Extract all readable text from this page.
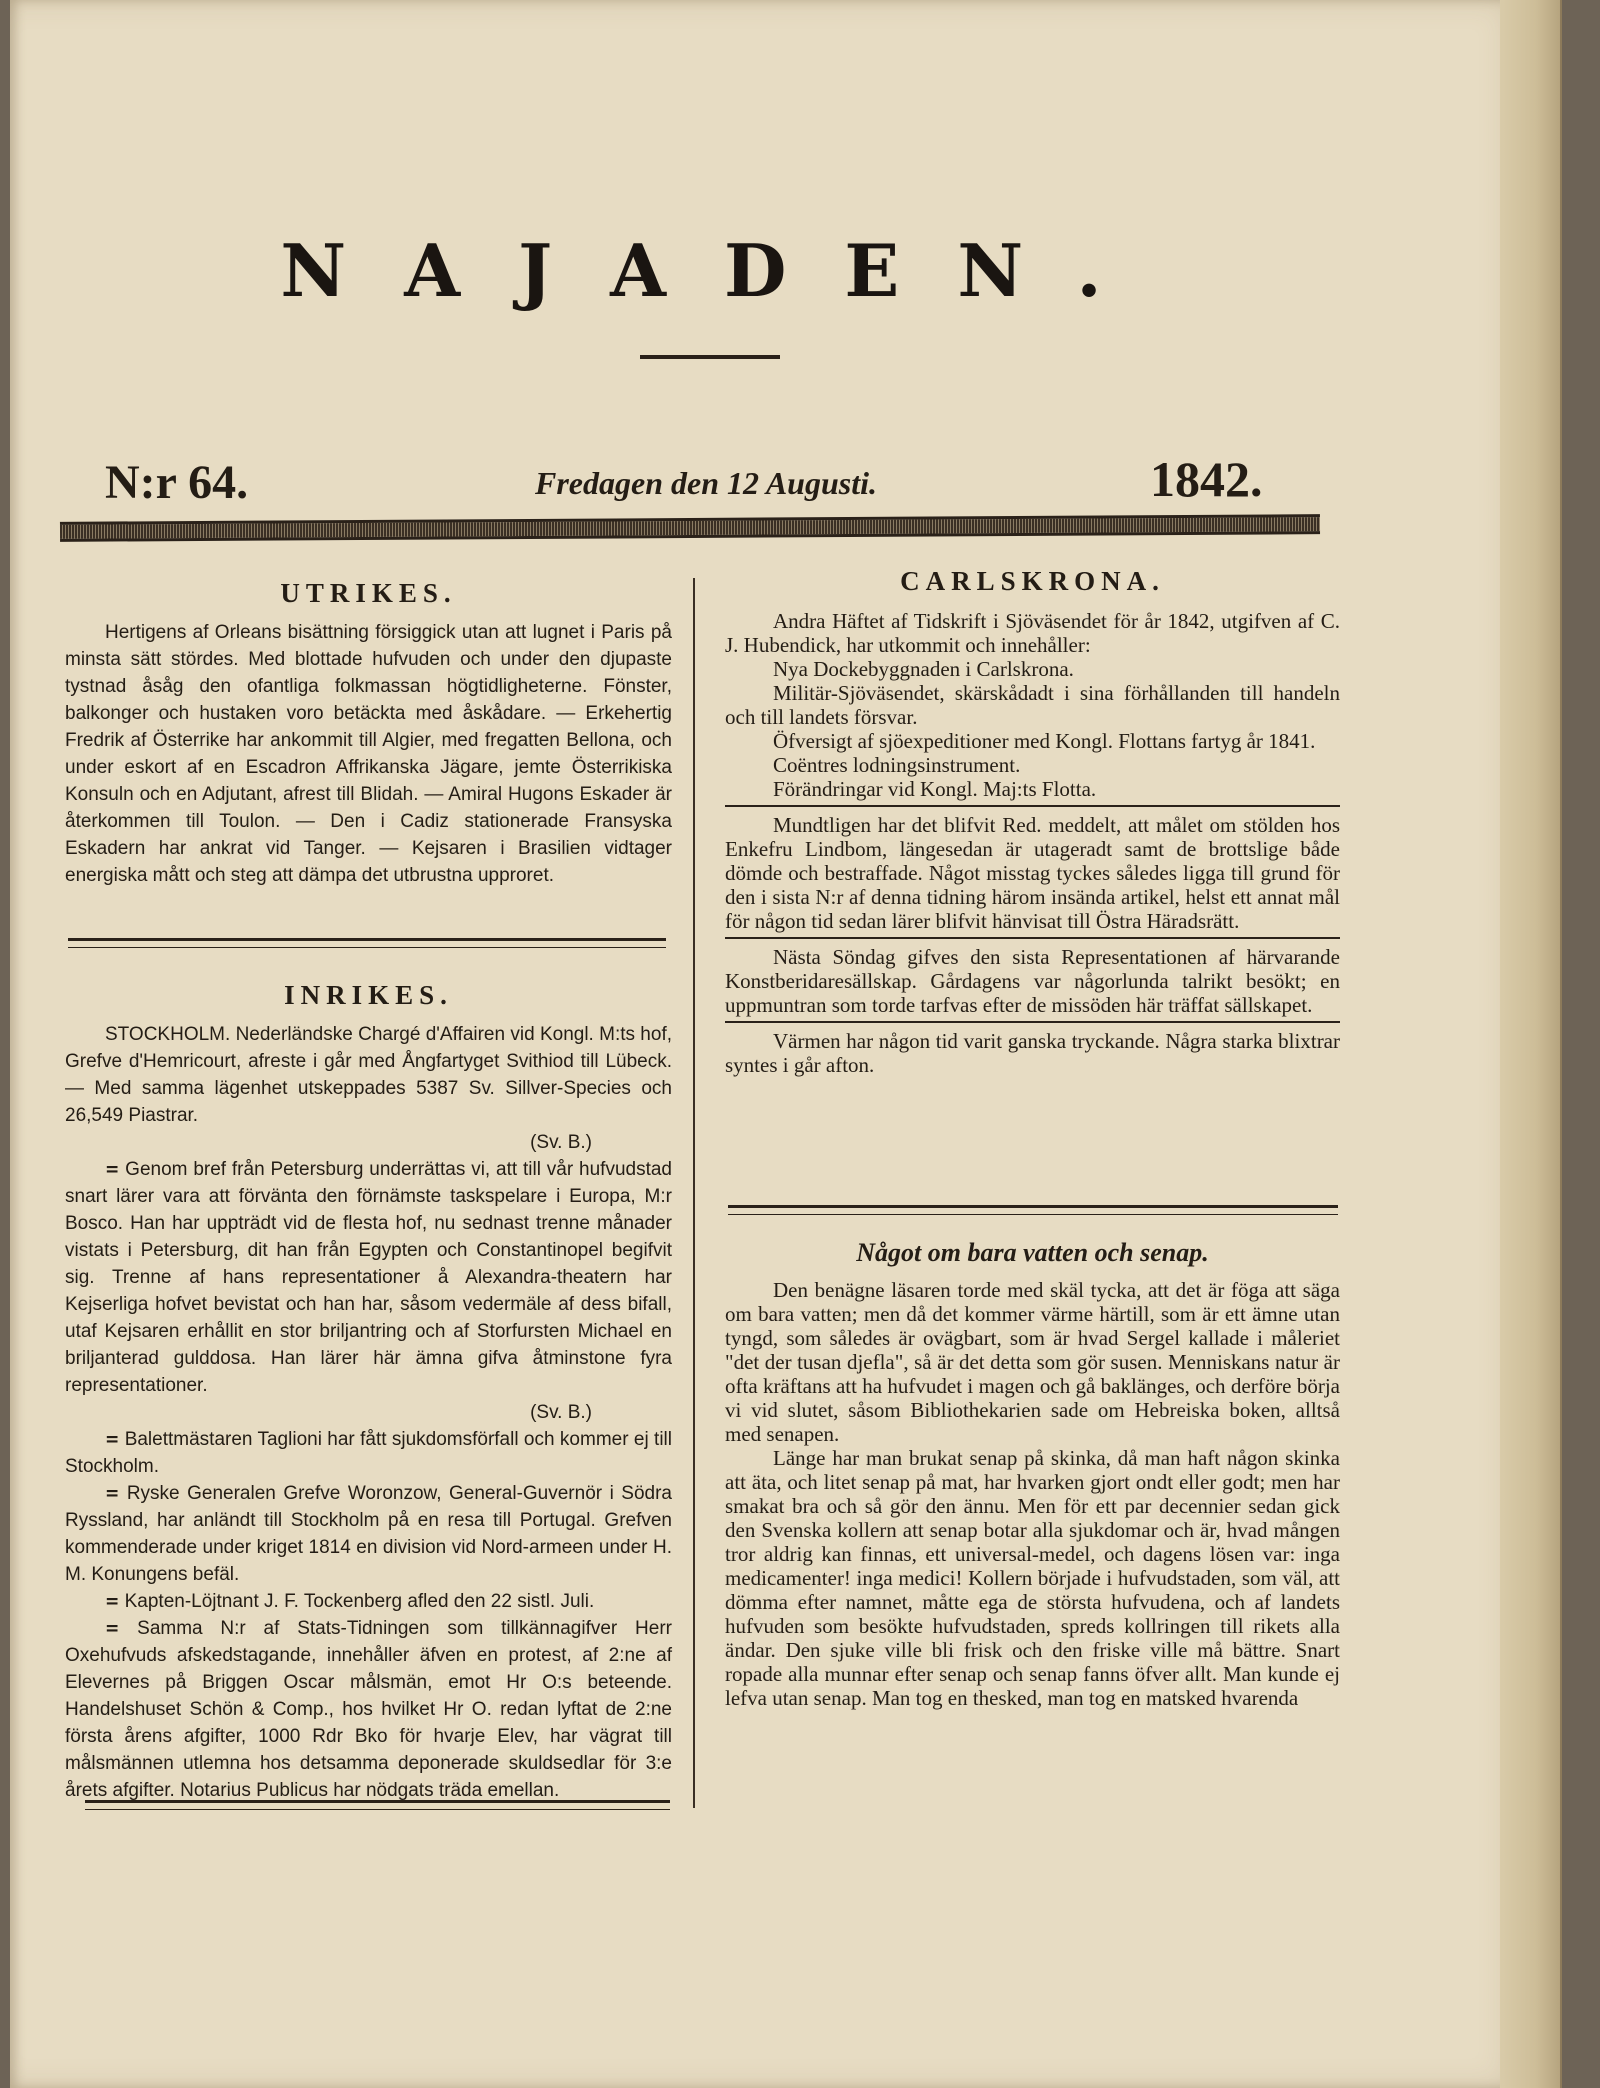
NAJADEN.
N:r 64.	Fredagen den 12 Augusti.	1842.
UTRIKES.

Hertigens af Orleans bisättning försiggick utan att lugnet i Paris på minsta sätt stördes. Med blottade hufvuden och under den djupaste tystnad åsåg den ofantliga folkmassan högtidligheterne. Fönster, balkonger och hustaken voro betäckta med åskådare. — Erkehertig Fredrik af Österrike har ankommit till Algier, med fregatten Bellona, och under eskort af en Escadron Affrikanska Jägare, jemte Österrikiska Konsuln och en Adjutant, afrest till Blidah. — Amiral Hugons Eskader är återkommen till Toulon. — Den i Cadiz stationerade Fransyska Eskadern har ankrat vid Tanger. — Kejsaren i Brasilien vidtager energiska mått och steg att dämpa det utbrustna upproret.

INRIKES.

STOCKHOLM. Nederländske Chargé d'Affairen vid Kongl. M:ts hof, Grefve d'Hemricourt, afreste i går med Ångfartyget Svithiod till Lübeck. — Med samma lägenhet utskeppades 5387 Sv. Sillver-Species och 26,549 Piastrar.

(Sv. B.)

= Genom bref från Petersburg underrättas vi, att till vår hufvudstad snart lärer vara att förvänta den förnämste taskspelare i Europa, M:r Bosco. Han har uppträdt vid de flesta hof, nu sednast trenne månader vistats i Petersburg, dit han från Egypten och Constantinopel begifvit sig. Trenne af hans representationer å Alexandra-theatern har Kejserliga hofvet bevistat och han har, såsom vedermäle af dess bifall, utaf Kejsaren erhållit en stor briljantring och af Storfursten Michael en briljanterad gulddosa. Han lärer här ämna gifva åtminstone fyra representationer.

(Sv. B.)

= Balettmästaren Taglioni har fått sjukdomsförfall och kommer ej till Stockholm.

= Ryske Generalen Grefve Woronzow, General-Guvernör i Södra Ryssland, har anländt till Stockholm på en resa till Portugal. Grefven kommenderade under kriget 1814 en division vid Nord-armeen under H. M. Konungens befäl.

= Kapten-Löjtnant J. F. Tockenberg afled den 22 sistl. Juli.

= Samma N:r af Stats-Tidningen som tillkännagifver Herr Oxehufvuds afskedstagande, innehåller äfven en protest, af 2:ne af Elevernes på Briggen Oscar målsmän, emot Hr O:s beteende. Handelshuset Schön & Comp., hos hvilket Hr O. redan lyftat de 2:ne första årens afgifter, 1000 Rdr Bko för hvarje Elev, har vägrat till målsmännen utlemna hos detsamma deponerade skuldsedlar för 3:e årets afgifter. Notarius Publicus har nödgats träda emellan.

CARLSKRONA.

Andra Häftet af Tidskrift i Sjöväsendet för år 1842, utgifven af C. J. Hubendick, har utkommit och innehåller:

Nya Dockebyggnaden i Carlskrona.

Militär-Sjöväsendet, skärskådadt i sina förhållanden till handeln och till landets försvar.

Öfversigt af sjöexpeditioner med Kongl. Flottans fartyg år 1841.

Coëntres lodningsinstrument.

Förändringar vid Kongl. Maj:ts Flotta.

Mundtligen har det blifvit Red. meddelt, att målet om stölden hos Enkefru Lindbom, längesedan är utageradt samt de brottslige både dömde och bestraffade. Något misstag tyckes således ligga till grund för den i sista N:r af denna tidning härom insända artikel, helst ett annat mål för någon tid sedan lärer blifvit hänvisat till Östra Häradsrätt.

Nästa Söndag gifves den sista Representationen af härvarande Konstberidaresällskap. Gårdagens var någorlunda talrikt besökt; en uppmuntran som torde tarfvas efter de missöden här träffat sällskapet.

Värmen har någon tid varit ganska tryckande. Några starka blixtrar syntes i går afton.

Något om bara vatten och senap.

Den benägne läsaren torde med skäl tycka, att det är föga att säga om bara vatten; men då det kommer värme härtill, som är ett ämne utan tyngd, som således är ovägbart, som är hvad Sergel kallade i måleriet "det der tusan djefla", så är det detta som gör susen. Menniskans natur är ofta kräftans att ha hufvudet i magen och gå baklänges, och derföre börja vi vid slutet, såsom Bibliothekarien sade om Hebreiska boken, alltså med senapen.

Länge har man brukat senap på skinka, då man haft någon skinka att äta, och litet senap på mat, har hvarken gjort ondt eller godt; men har smakat bra och så gör den ännu. Men för ett par decennier sedan gick den Svenska kollern att senap botar alla sjukdomar och är, hvad mången tror aldrig kan finnas, ett universal-medel, och dagens lösen var: inga medicamenter! inga medici! Kollern började i hufvudstaden, som väl, att dömma efter namnet, måtte ega de största hufvudena, och af landets hufvuden som besökte hufvudstaden, spreds kollringen till rikets alla ändar. Den sjuke ville bli frisk och den friske ville må bättre. Snart ropade alla munnar efter senap och senap fanns öfver allt. Man kunde ej lefva utan senap. Man tog en thesked, man tog en matsked hvarenda
